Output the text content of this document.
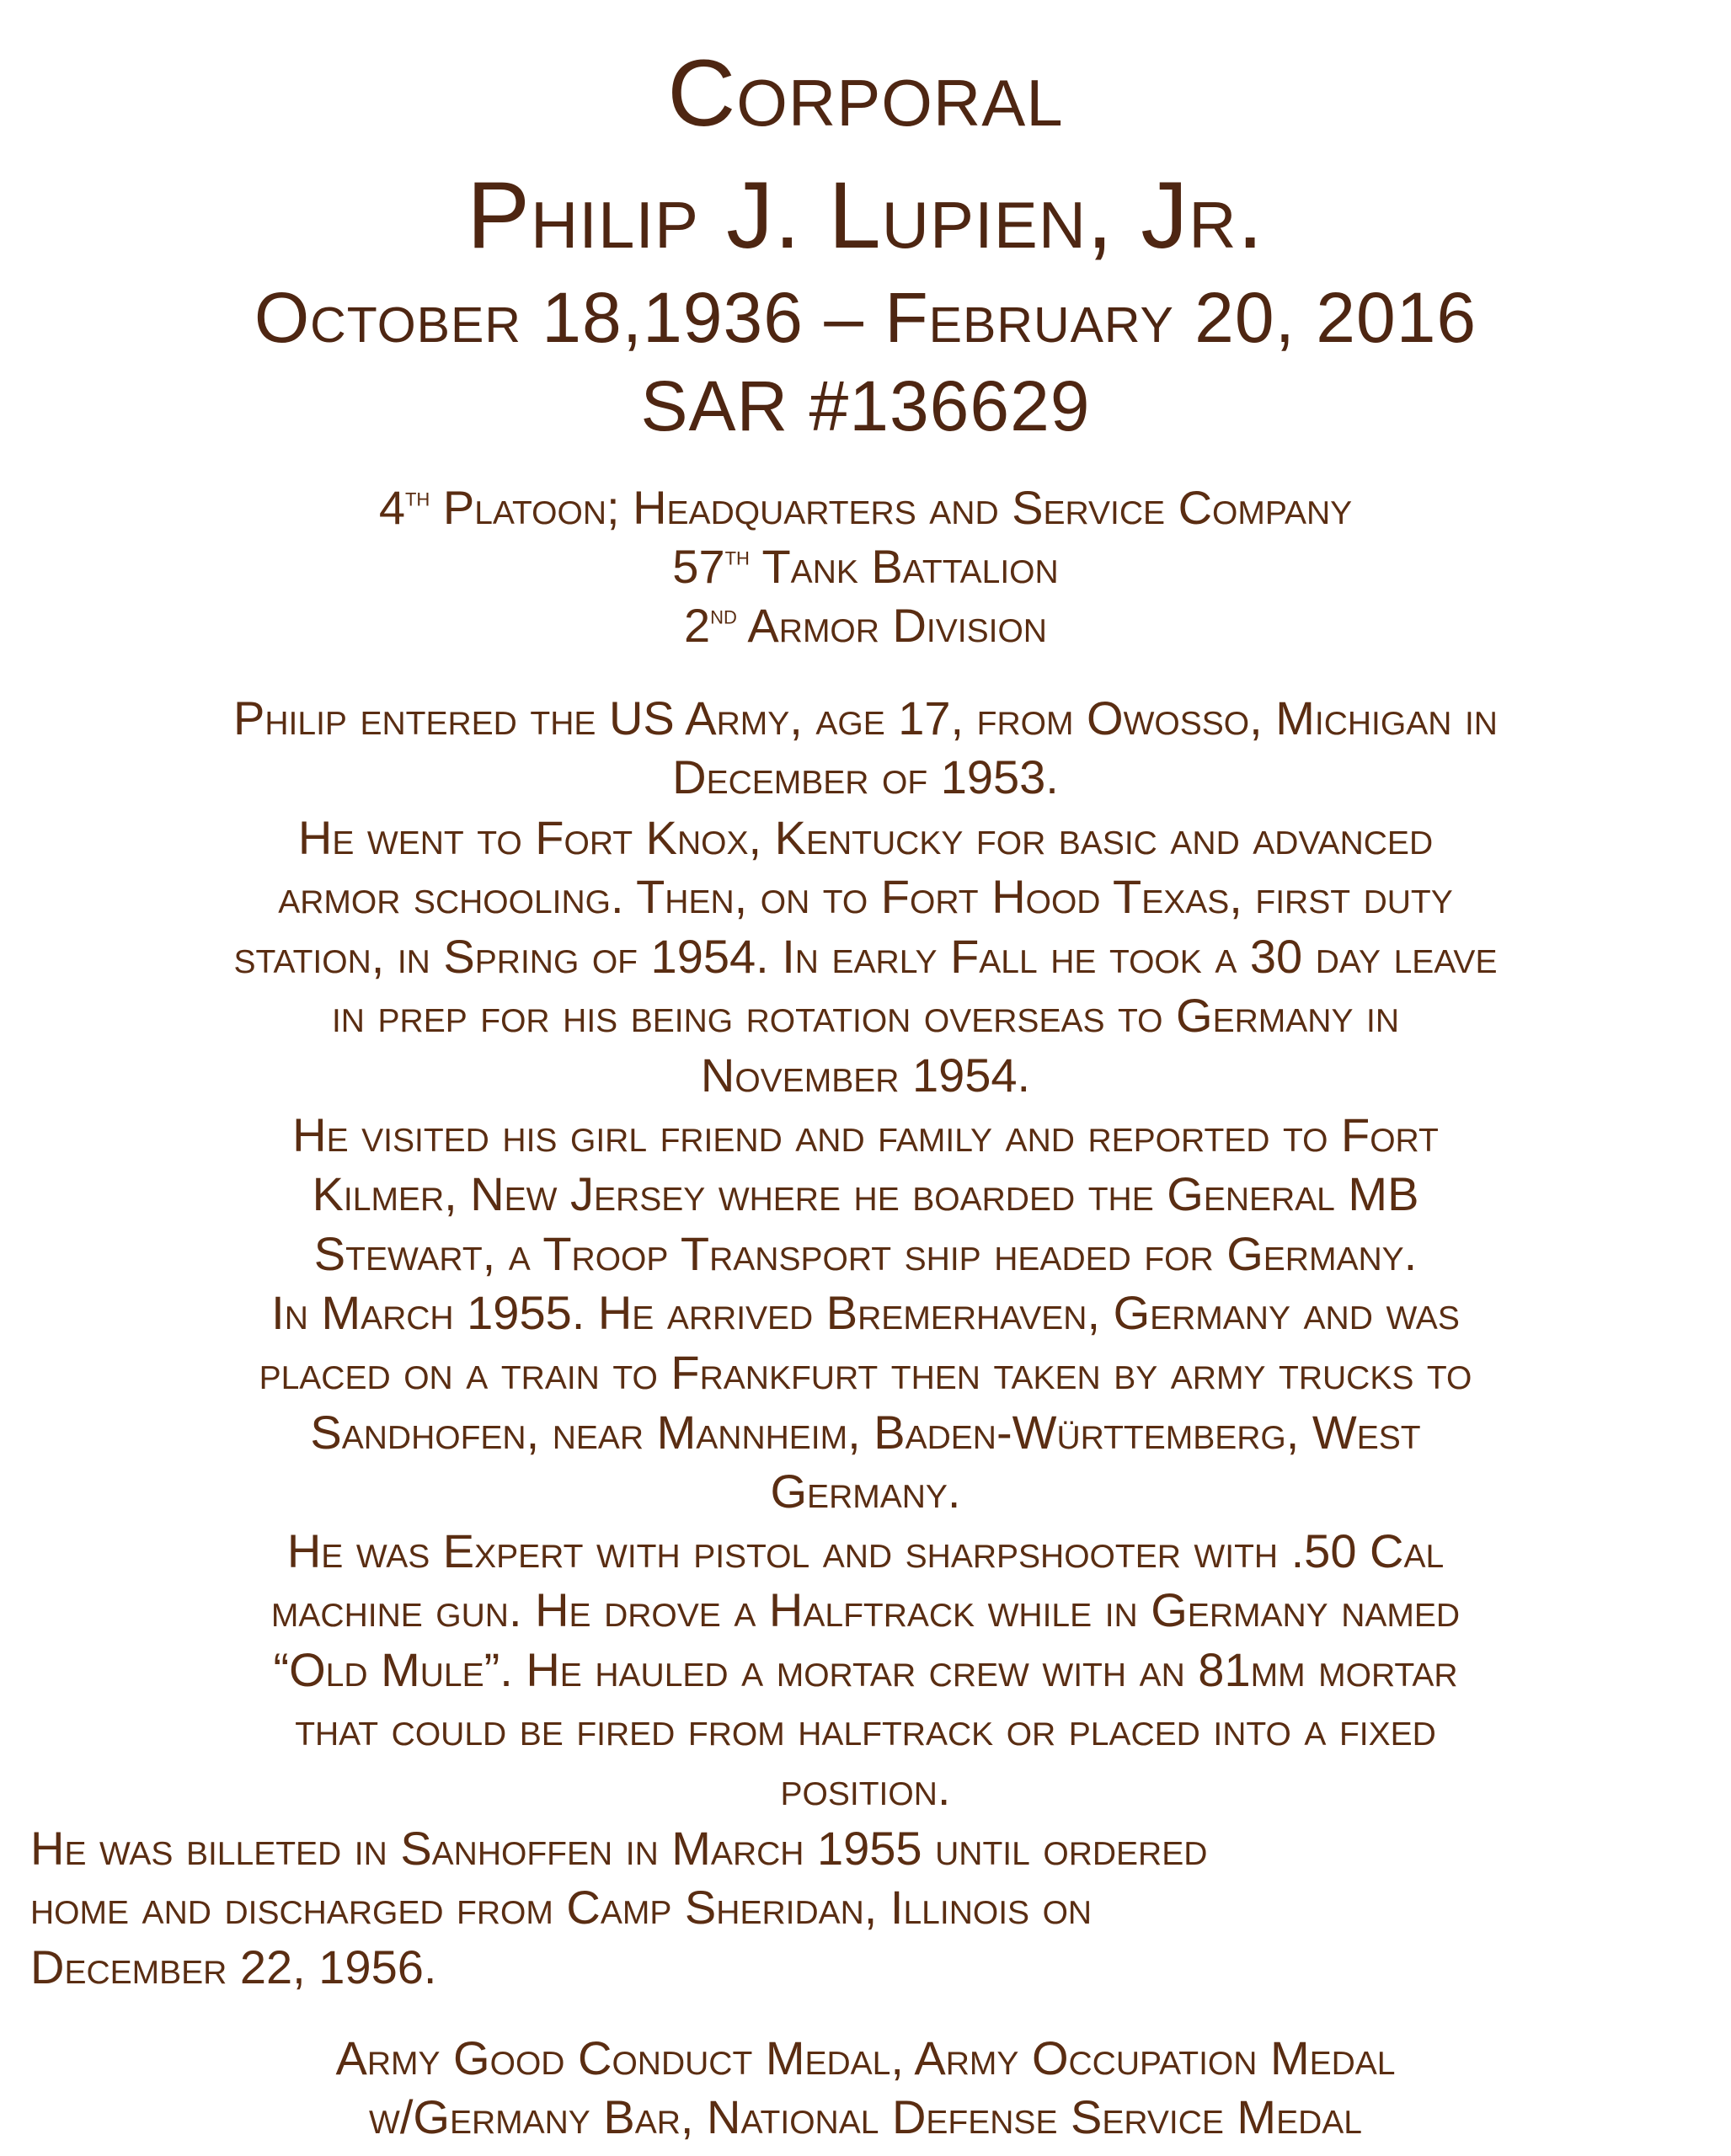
Corporal
Philip J. Lupien, Jr.
October 18,1936 – February 20, 2016
SAR #136629
4th Platoon; Headquarters and Service Company
57th Tank Battalion
2nd Armor Division
Philip entered the US Army, age 17, from Owosso, Michigan in
December of 1953.
He went to Fort Knox, Kentucky for basic and advanced
armor schooling. Then, on to Fort Hood Texas, first duty
station, in Spring of 1954. In early Fall he took a 30 day leave
in prep for his being rotation overseas to Germany in
November 1954.
He visited his girl friend and family and reported to Fort
Kilmer, New Jersey where he boarded the General MB
Stewart, a Troop Transport ship headed for Germany.
In March 1955. He arrived Bremerhaven, Germany and was
placed on a train to Frankfurt then taken by army trucks to
Sandhofen, near Mannheim, Baden-Württemberg, West
Germany.
He was Expert with pistol and sharpshooter with .50 Cal
machine gun. He drove a Halftrack while in Germany named
“Old Mule”. He hauled a mortar crew with an 81mm mortar
that could be fired from halftrack or placed into a fixed
position.
He was billeted in Sanhoffen in March 1955 until ordered
home and discharged from Camp Sheridan, Illinois on
December 22, 1956.
Army Good Conduct Medal, Army Occupation Medal
w/Germany Bar, National Defense Service Medal
